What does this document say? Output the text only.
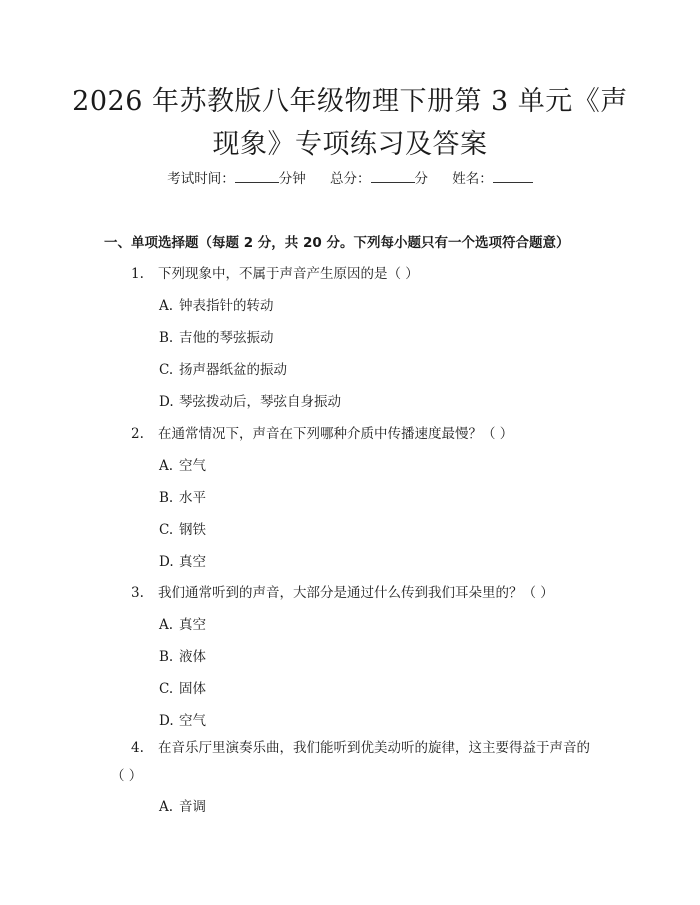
2026 年苏教版八年级物理下册第 3 单元《声
现象》专项练习及答案
考试时间：	分钟 总分：	分 姓名：
一、单项选择题（每题 2 分，共 20 分。下列每小题只有一个选项符合题意）
1. 下列现象中，不属于声音产生原因的是（ ）
A. 钟表指针的转动
B. 吉他的琴弦振动
C. 扬声器纸盆的振动
D. 琴弦拨动后，琴弦自身振动
2. 在通常情况下，声音在下列哪种介质中传播速度最慢？（ ）
A. 空气
B. 水平
C. 钢铁
D. 真空
3. 我们通常听到的声音，大部分是通过什么传到我们耳朵里的？（ ）
A. 真空
B. 液体
C. 固体
D. 空气
4. 在音乐厅里演奏乐曲，我们能听到优美动听的旋律，这主要得益于声音的
（ ）
A. 音调
